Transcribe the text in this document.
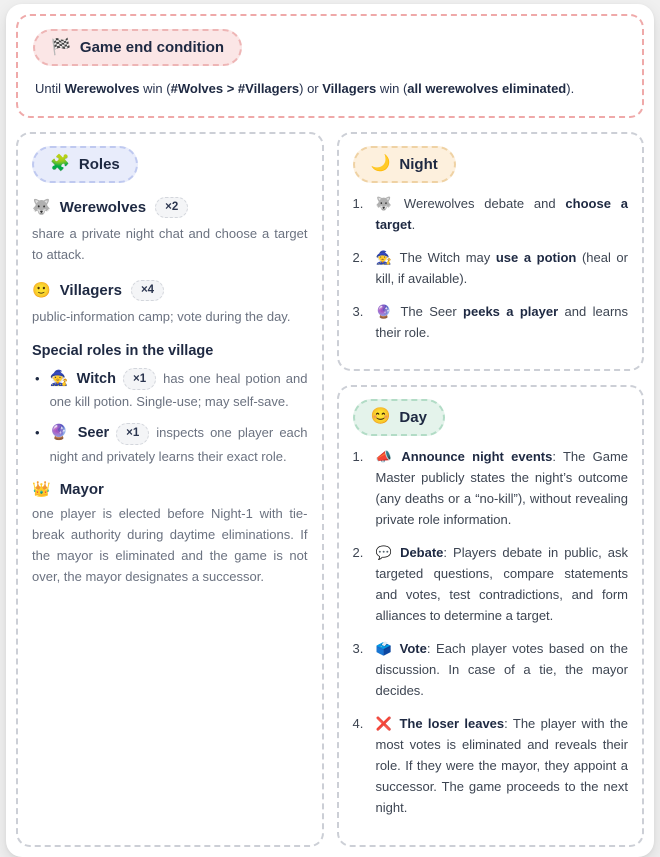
🏁 Game end condition

Until Werewolves win (#Wolves > #Villagers) or Villagers win (all werewolves eliminated).

🧩 Roles
🐺 Werewolves	×2

share a private night chat and choose a target to attack.

🙂 Villagers	×4

public-information camp; vote during the day.

Special roles in the village
• 🧙 Witch ×1 has one heal potion and one kill potion. Single-use; may self-save.

• 🔮 Seer ×1 inspects one player each night and privately learns their exact role.

👑 Mayor

one player is elected before Night-1 with tie-break authority during daytime eliminations. If the mayor is eliminated and the game is not over, the mayor designates a successor.

🌙 Night
1. 🐺 Werewolves debate and choose a target.
2. 🧙 The Witch may use a potion (heal or kill, if available).
3. 🔮 The Seer peeks a player and learns their role.
😊 Day
1. 📣 Announce night events: The Game Master publicly states the night’s outcome (any deaths or a “no-kill”), without revealing private role information.
2. 💬 Debate: Players debate in public, ask targeted questions, compare statements and votes, test contradictions, and form alliances to determine a target.
3. 🗳️ Vote: Each player votes based on the discussion. In case of a tie, the mayor decides.
4. ❌ The loser leaves: The player with the most votes is eliminated and reveals their role. If they were the mayor, they appoint a successor. The game proceeds to the next night.
